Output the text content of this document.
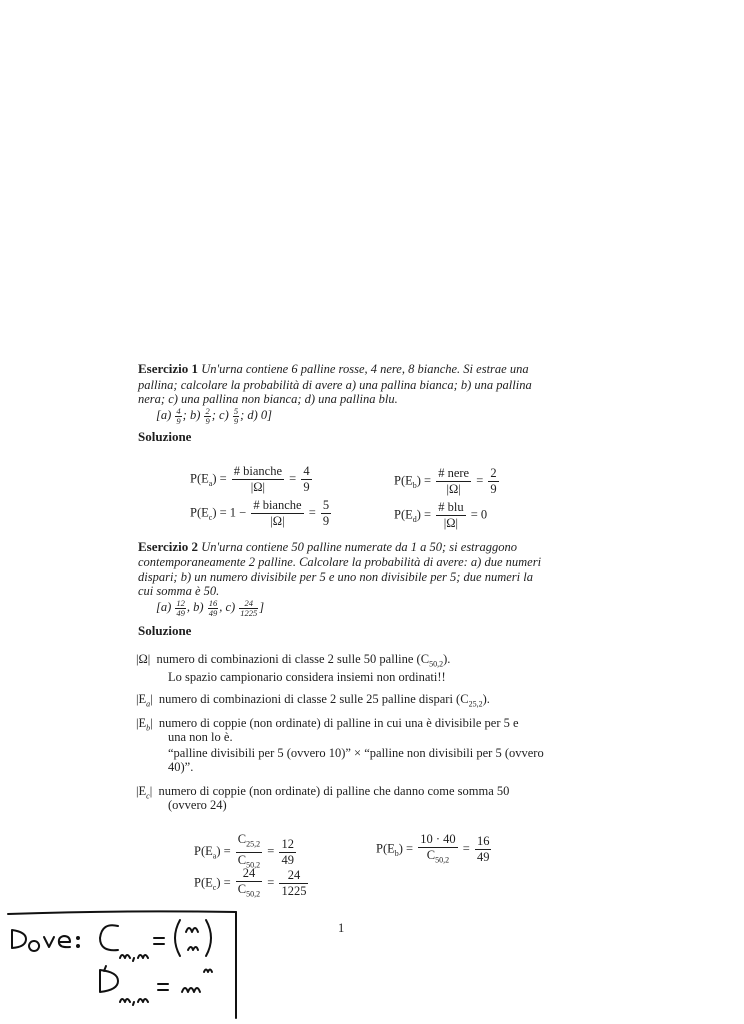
Esercizio 1 Un'urna contiene 6 palline rosse, 4 nere, 8 bianche. Si estrae una
pallina; calcolare la probabilità di avere a) una pallina bianca; b) una pallina
nera; c) una pallina non bianca; d) una pallina blu.
$[a) \frac{4}{9}$ ; $b) \frac{2}{9}$ ; $c) \frac{5}{9}$ ; d) 0]
Soluzione
$P(E_a) = \frac{\text{\# bianche}}{|\Omega|} = \frac{4}{9}$	$P(E_b) = \frac{\text{\# nere}}{|\Omega|} = \frac{2}{9}$
$P(E_c) = 1 - \frac{\text{\# bianche}}{|\Omega|} = \frac{5}{9}$	$P(E_d) = \frac{\text{\# blu}}{|\Omega|} = 0$
Esercizio 2 Un'urna contiene 50 palline numerate da 1 a 50; si estraggono
contemporaneamente 2 palline. Calcolare la probabilità di avere: a) due numeri
dispari; b) un numero divisibile per 5 e uno non divisibile per 5; due numeri la
cui somma è 50.
$[a) \frac{12}{49}$ , $b) \frac{16}{49}$ , $c) \frac{24}{1225}$ ]
Soluzione
|Ω| numero di combinazioni di classe 2 sulle 50 palline $(C_{50,2})$.
Lo spazio campionario considera insiemi non ordinati!!
$|E_a|$ numero di combinazioni di classe 2 sulle 25 palline dispari $(C_{25,2})$.
$|E_b|$ numero di coppie (non ordinate) di palline in cui una è divisibile per 5 e
una non lo è.
“palline divisibili per 5 (ovvero 10)” × “palline non divisibili per 5 (ovvero
40)”.
$|E_c|$ numero di coppie (non ordinate) di palline che danno come somma 50
(ovvero 24)
$P(E_a) = \frac{C_{25,2}}{C_{50,2}} = \frac{12}{49}$	$P(E_b) = \frac{10 \cdot 40}{C_{50,2}} = \frac{16}{49}$
$P(E_c) = \frac{24}{C_{50,2}} = \frac{24}{1225}$
1
